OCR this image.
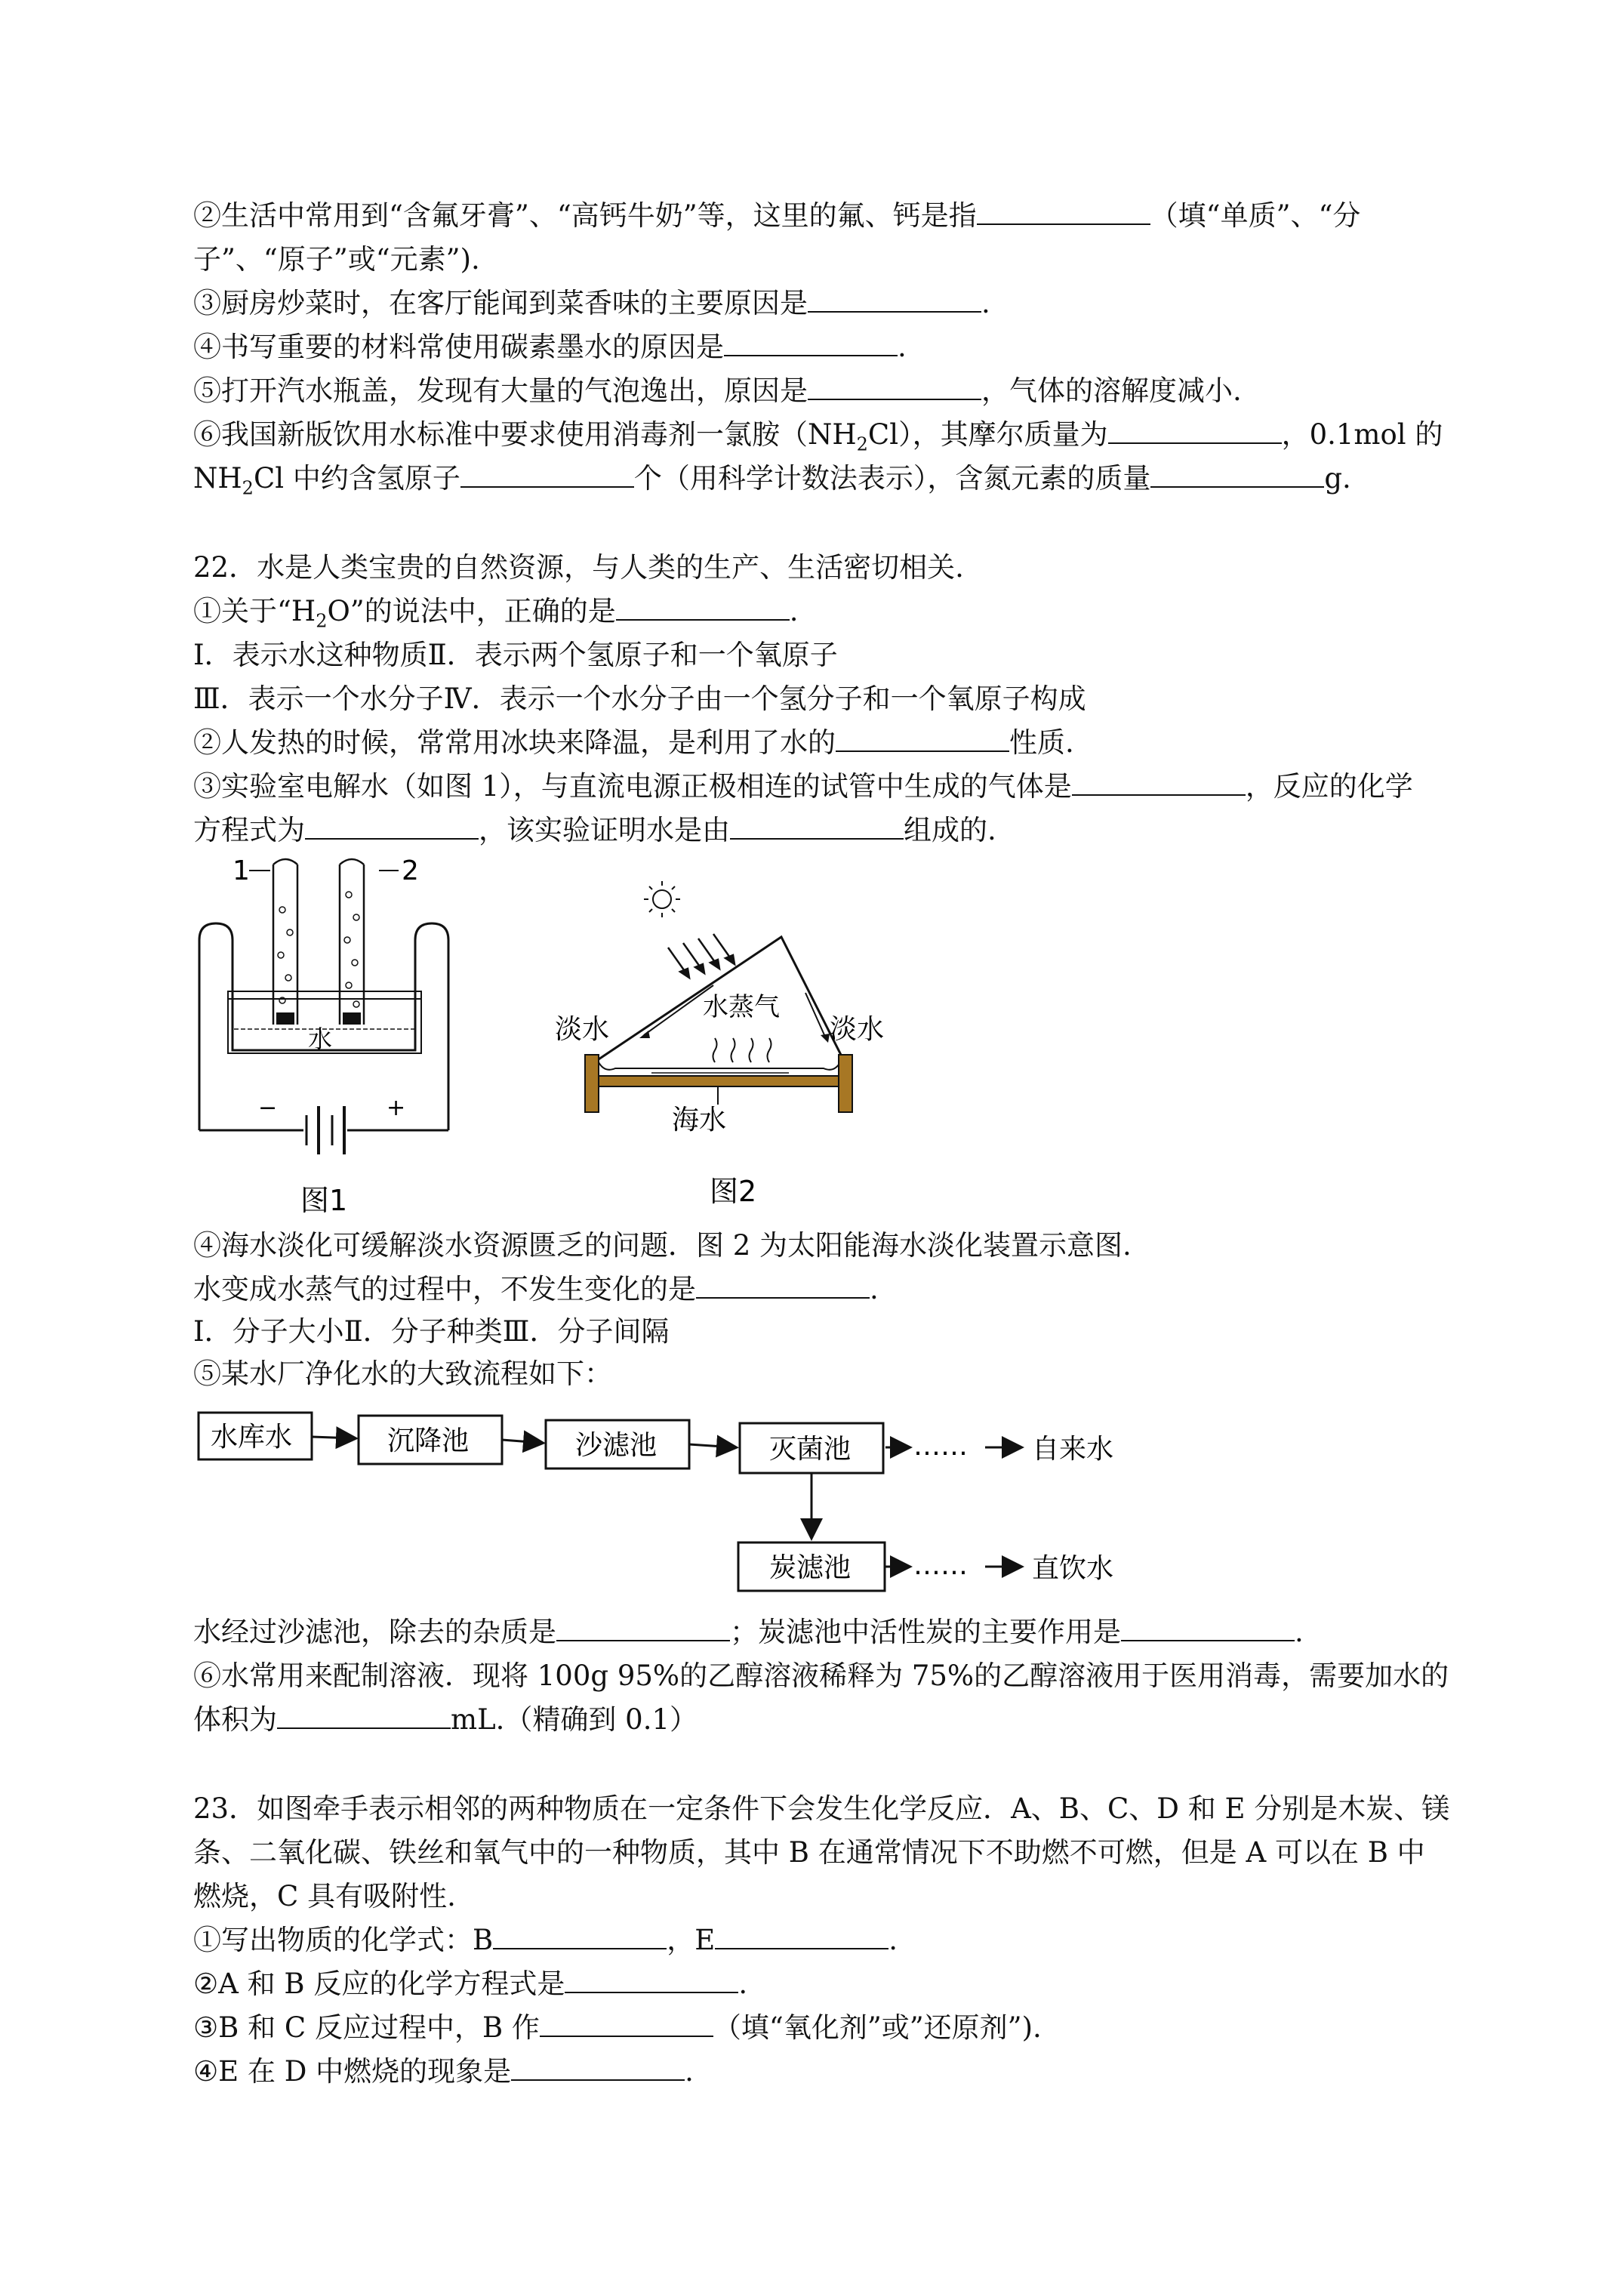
②生活中常用到“含氟牙膏”、“高钙牛奶”等，这里的氟、钙是指	（填“单质”、“分
子”、“原子”或“元素”).
③厨房炒菜时，在客厅能闻到菜香味的主要原因是	.
④书写重要的材料常使用碳素墨水的原因是	.
⑤打开汽水瓶盖，发现有大量的气泡逸出，原因是	，气体的溶解度减小.
⑥我国新版饮用水标准中要求使用消毒剂一氯胺$(NH_2Cl)$，其摩尔质量为	，0.1mol 的
$NH_2Cl$ 中约含氢原子	个（用科学计数法表示），含氮元素的质量	g.
22．水是人类宝贵的自然资源，与人类的生产、生活密切相关.
①关于“$H_2O$”的说法中，正确的是	.
Ⅰ．表示水这种物质Ⅱ．表示两个氢原子和一个氧原子
Ⅲ．表示一个水分子Ⅳ．表示一个水分子由一个氢分子和一个氧原子构成
②人发热的时候，常常用冰块来降温，是利用了水的	性质.
③实验室电解水（如图 1），与直流电源正极相连的试管中生成的气体是	，反应的化学
方程式为	，该实验证明水是由	组成的.
1	2
水
−	+
图1
水蒸气
淡水	淡水
海水
图2
④海水淡化可缓解淡水资源匮乏的问题．图 2 为太阳能海水淡化装置示意图.
水变成水蒸气的过程中，不发生变化的是	.
Ⅰ．分子大小Ⅱ．分子种类Ⅲ．分子间隔
⑤某水厂净化水的大致流程如下：
水库水	沉降池	沙滤池	灭菌池
炭滤池
……
……
自来水
直饮水
水经过沙滤池，除去的杂质是	；炭滤池中活性炭的主要作用是	.
⑥水常用来配制溶液．现将 100g 95%的乙醇溶液稀释为 75%的乙醇溶液用于医用消毒，需要加水的
体积为	mL.（精确到 0.1）
23．如图牵手表示相邻的两种物质在一定条件下会发生化学反应．A、B、C、D 和 E 分别是木炭、镁
条、二氧化碳、铁丝和氧气中的一种物质，其中 B 在通常情况下不助燃不可燃，但是 A 可以在 B 中
燃烧，C 具有吸附性.
①写出物质的化学式：B	，E	.
②A 和 B 反应的化学方程式是	.
③B 和 C 反应过程中，B 作	（填“氧化剂”或”还原剂”).
④E 在 D 中燃烧的现象是	.
